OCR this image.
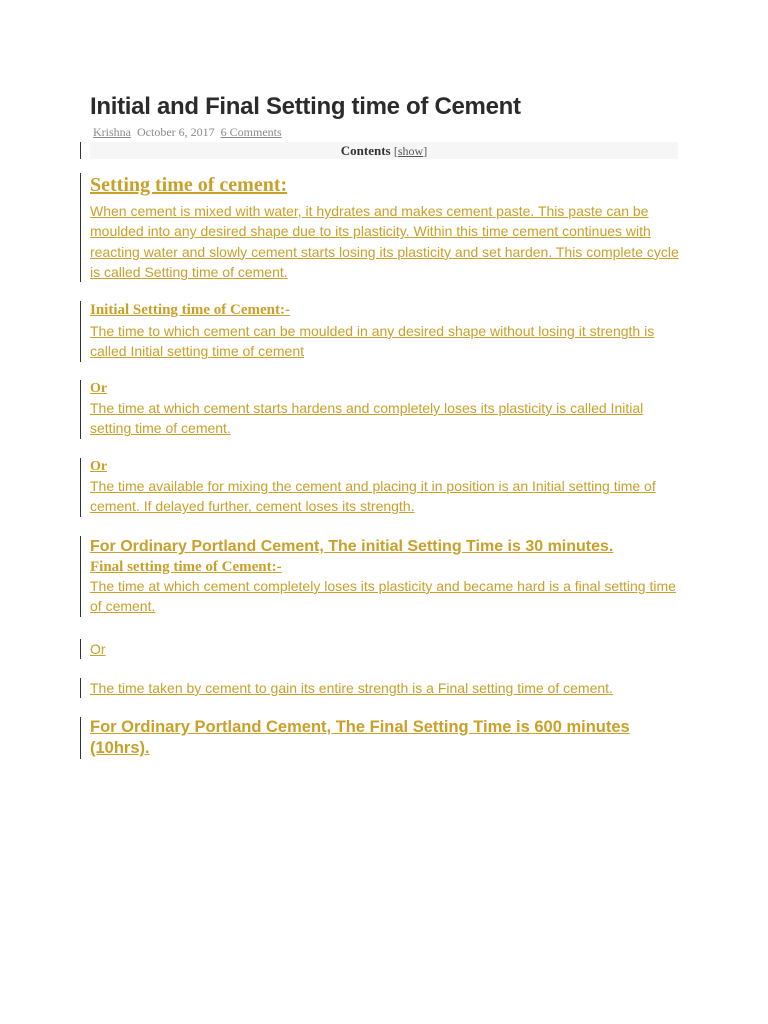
Initial and Final Setting time of Cement
Krishna October 6, 2017 6 Comments
Contents [show]
Setting time of cement:

When cement is mixed with water, it hydrates and makes cement paste. This paste can be moulded into any desired shape due to its plasticity. Within this time cement continues with reacting water and slowly cement starts losing its plasticity and set harden. This complete cycle is called Setting time of cement.

Initial Setting time of Cement:-

The time to which cement can be moulded in any desired shape without losing it strength is called Initial setting time of cement

Or

The time at which cement starts hardens and completely loses its plasticity is called Initial setting time of cement.

Or

The time available for mixing the cement and placing it in position is an Initial setting time of cement. If delayed further, cement loses its strength.

For Ordinary Portland Cement, The initial Setting Time is 30 minutes.

Final setting time of Cement:-

The time at which cement completely loses its plasticity and became hard is a final setting time of cement.

Or

The time taken by cement to gain its entire strength is a Final setting time of cement.

For Ordinary Portland Cement, The Final Setting Time is 600 minutes (10hrs).
